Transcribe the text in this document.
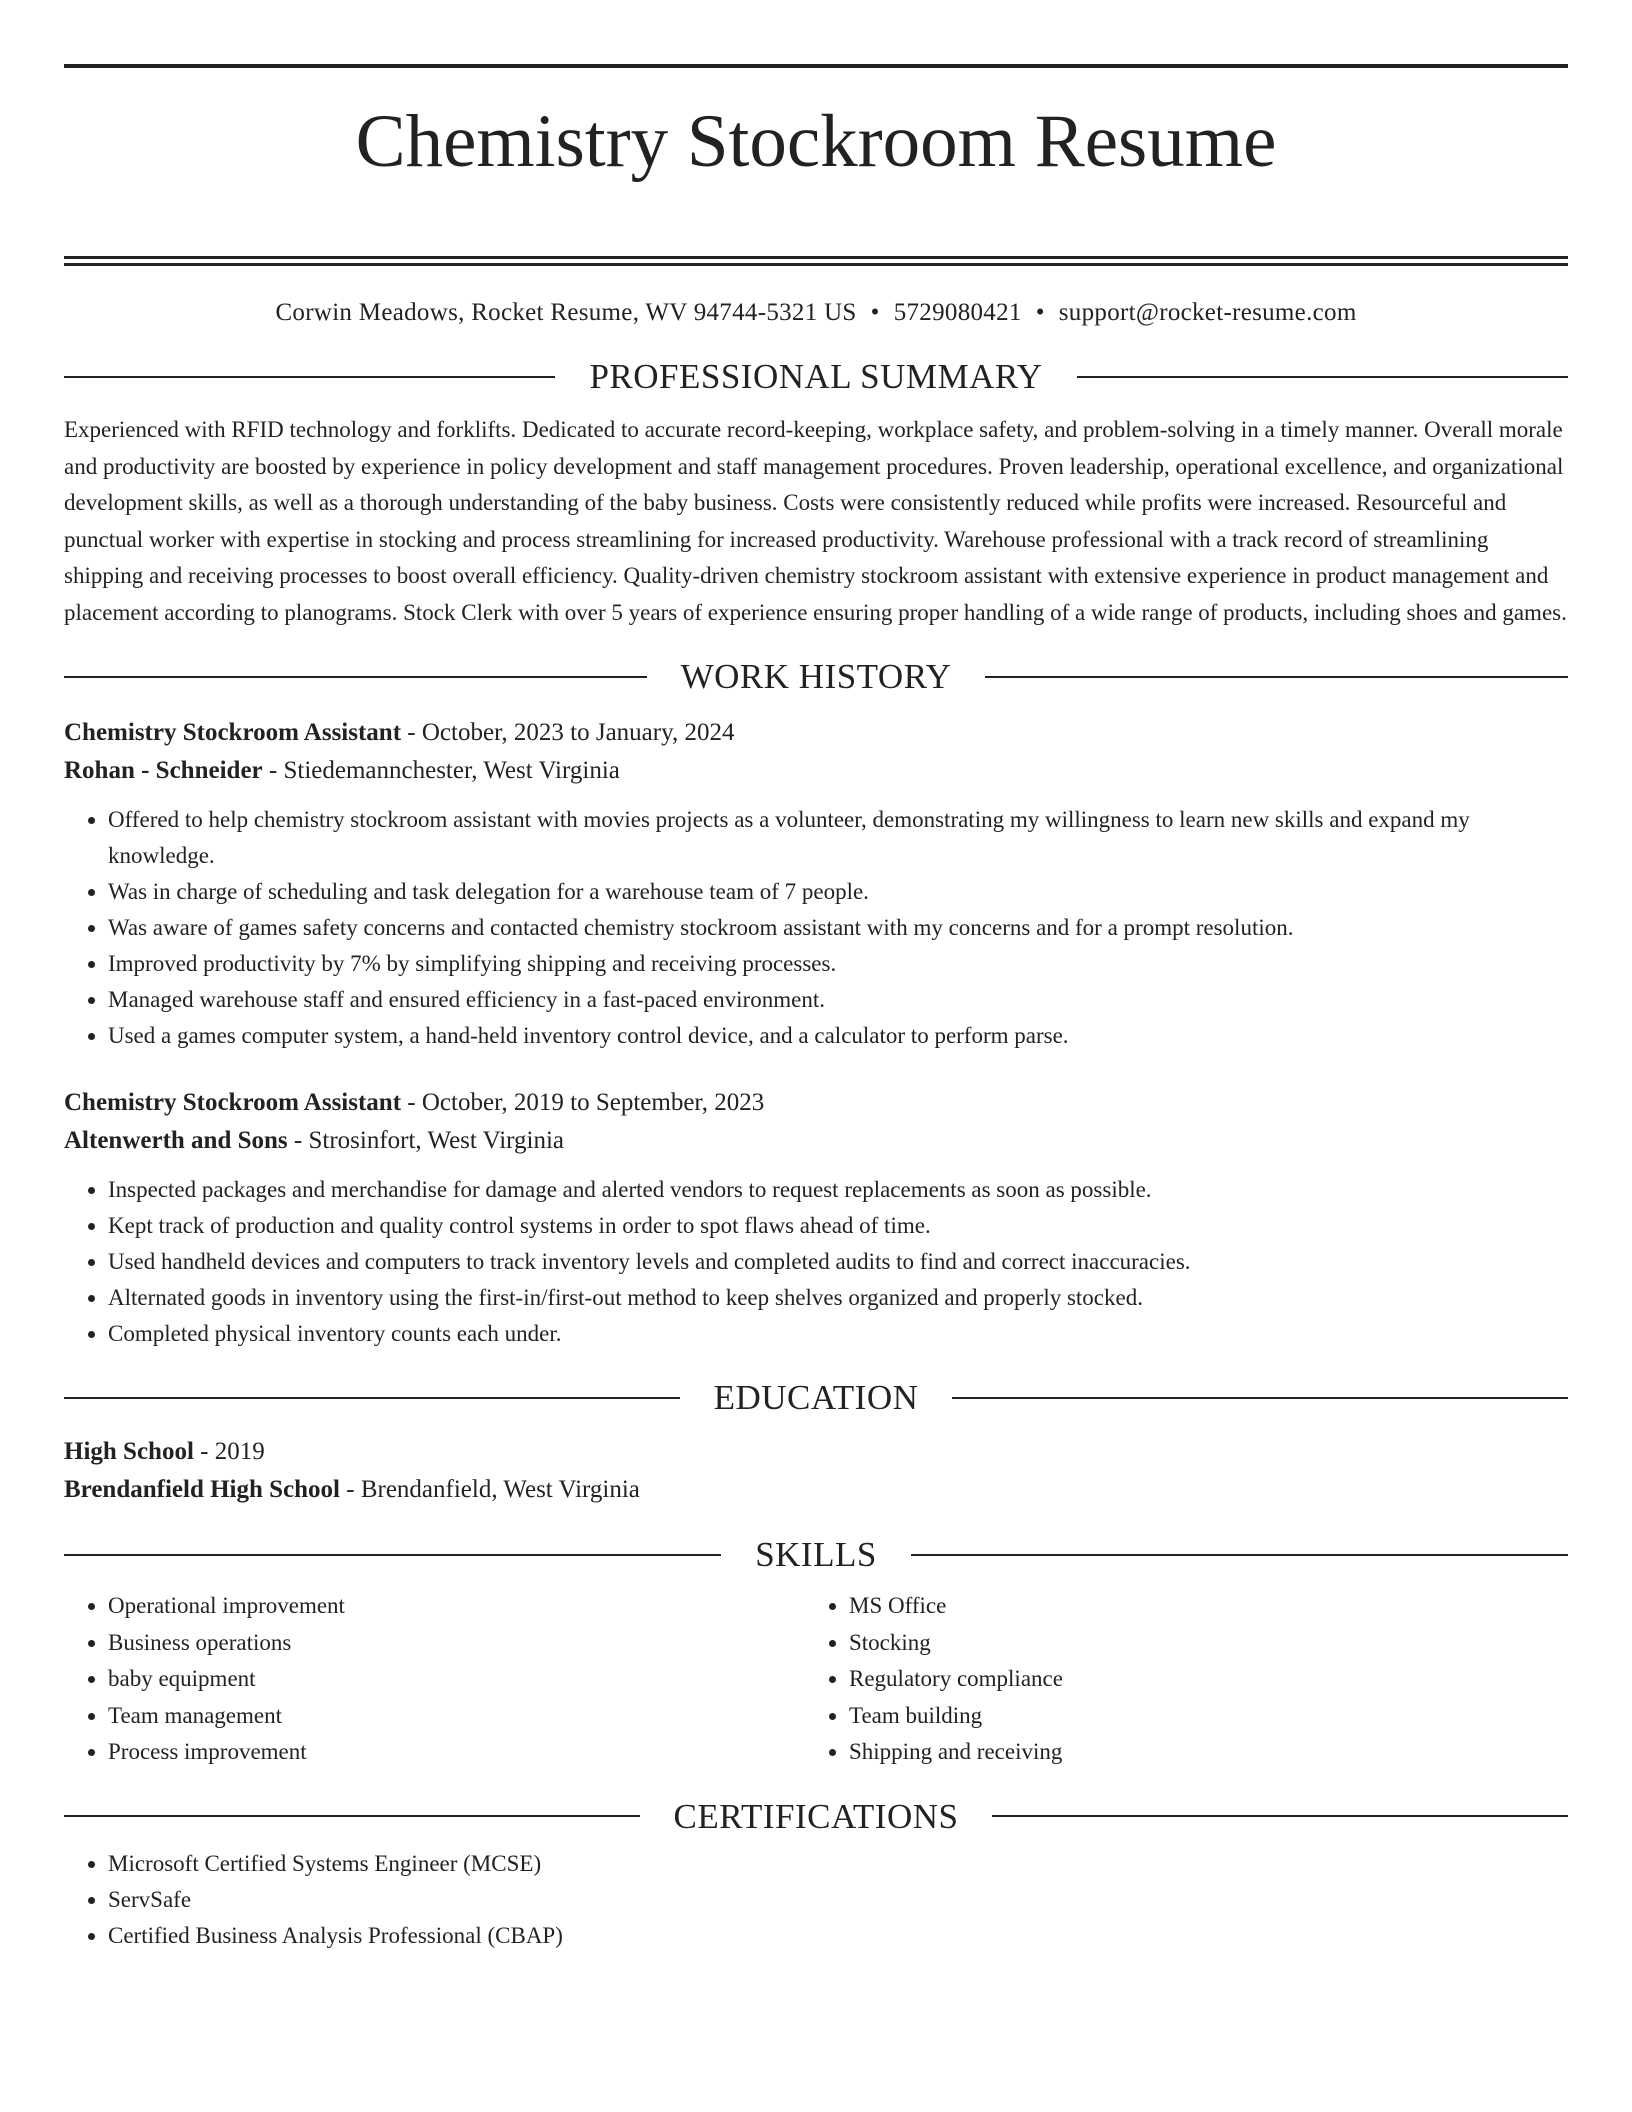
Chemistry Stockroom Resume
Corwin Meadows, Rocket Resume, WV 94744-5321 US • 5729080421 • support@rocket-resume.com
PROFESSIONAL SUMMARY
Experienced with RFID technology and forklifts. Dedicated to accurate record-keeping, workplace safety, and problem-solving in a timely manner. Overall morale and productivity are boosted by experience in policy development and staff management procedures. Proven leadership, operational excellence, and organizational development skills, as well as a thorough understanding of the baby business. Costs were consistently reduced while profits were increased. Resourceful and punctual worker with expertise in stocking and process streamlining for increased productivity. Warehouse professional with a track record of streamlining shipping and receiving processes to boost overall efficiency. Quality-driven chemistry stockroom assistant with extensive experience in product management and placement according to planograms. Stock Clerk with over 5 years of experience ensuring proper handling of a wide range of products, including shoes and games.
WORK HISTORY
Chemistry Stockroom Assistant - October, 2023 to January, 2024
Rohan - Schneider - Stiedemannchester, West Virginia
• Offered to help chemistry stockroom assistant with movies projects as a volunteer, demonstrating my willingness to learn new skills and expand my knowledge.
• Was in charge of scheduling and task delegation for a warehouse team of 7 people.
• Was aware of games safety concerns and contacted chemistry stockroom assistant with my concerns and for a prompt resolution.
• Improved productivity by 7% by simplifying shipping and receiving processes.
• Managed warehouse staff and ensured efficiency in a fast-paced environment.
• Used a games computer system, a hand-held inventory control device, and a calculator to perform parse.
Chemistry Stockroom Assistant - October, 2019 to September, 2023
Altenwerth and Sons - Strosinfort, West Virginia
• Inspected packages and merchandise for damage and alerted vendors to request replacements as soon as possible.
• Kept track of production and quality control systems in order to spot flaws ahead of time.
• Used handheld devices and computers to track inventory levels and completed audits to find and correct inaccuracies.
• Alternated goods in inventory using the first-in/first-out method to keep shelves organized and properly stocked.
• Completed physical inventory counts each under.
EDUCATION
High School - 2019
Brendanfield High School - Brendanfield, West Virginia
SKILLS
• Operational improvement
• Business operations
• baby equipment
• Team management
• Process improvement
• MS Office
• Stocking
• Regulatory compliance
• Team building
• Shipping and receiving
CERTIFICATIONS
• Microsoft Certified Systems Engineer (MCSE)
• ServSafe
• Certified Business Analysis Professional (CBAP)
